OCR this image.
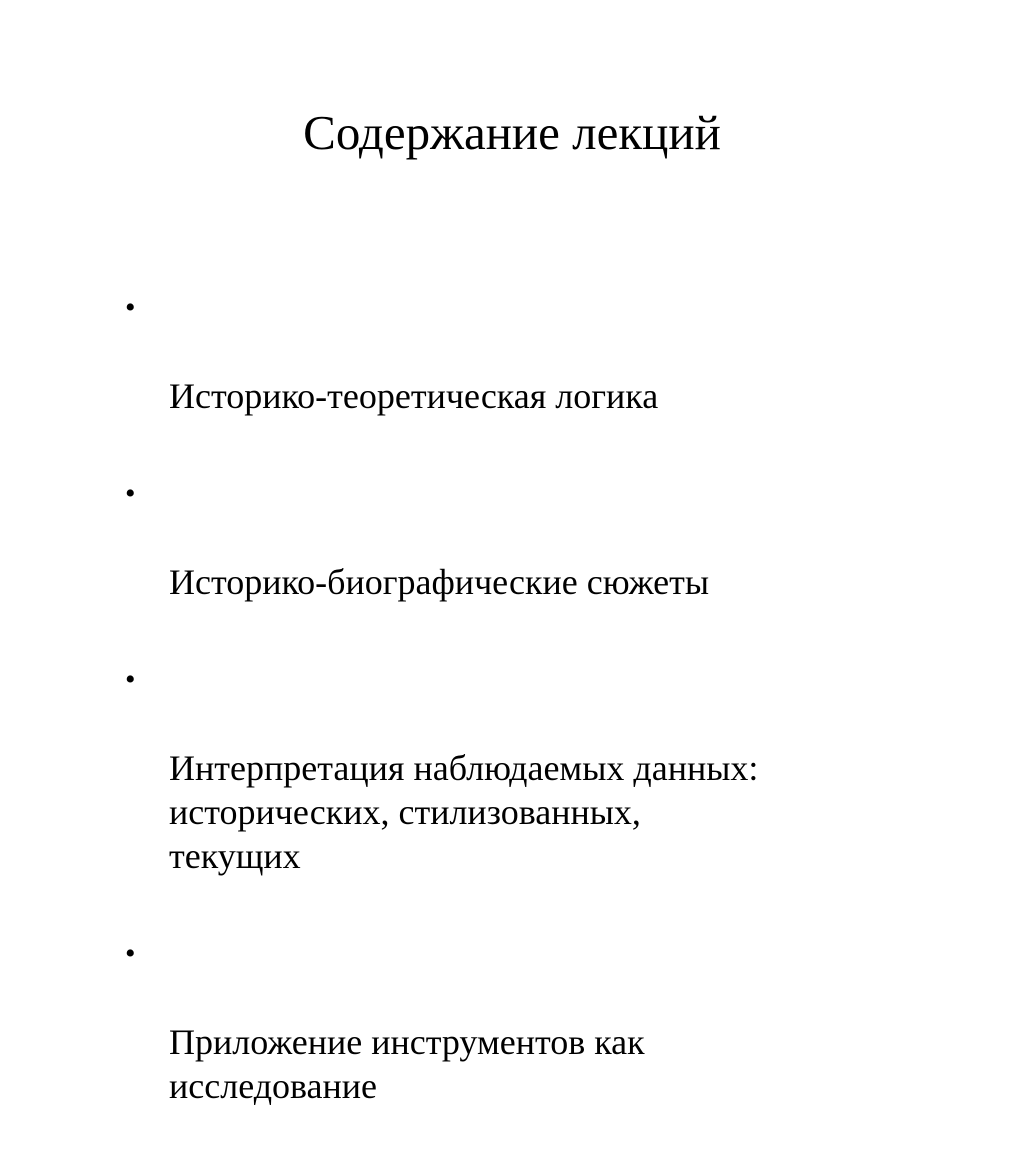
Содержание лекций

•

Историко-теоретическая логика

•

Историко-биографические сюжеты

•

Интерпретация наблюдаемых данных:
исторических, стилизованных,
текущих

•

Приложение инструментов как
исследование
